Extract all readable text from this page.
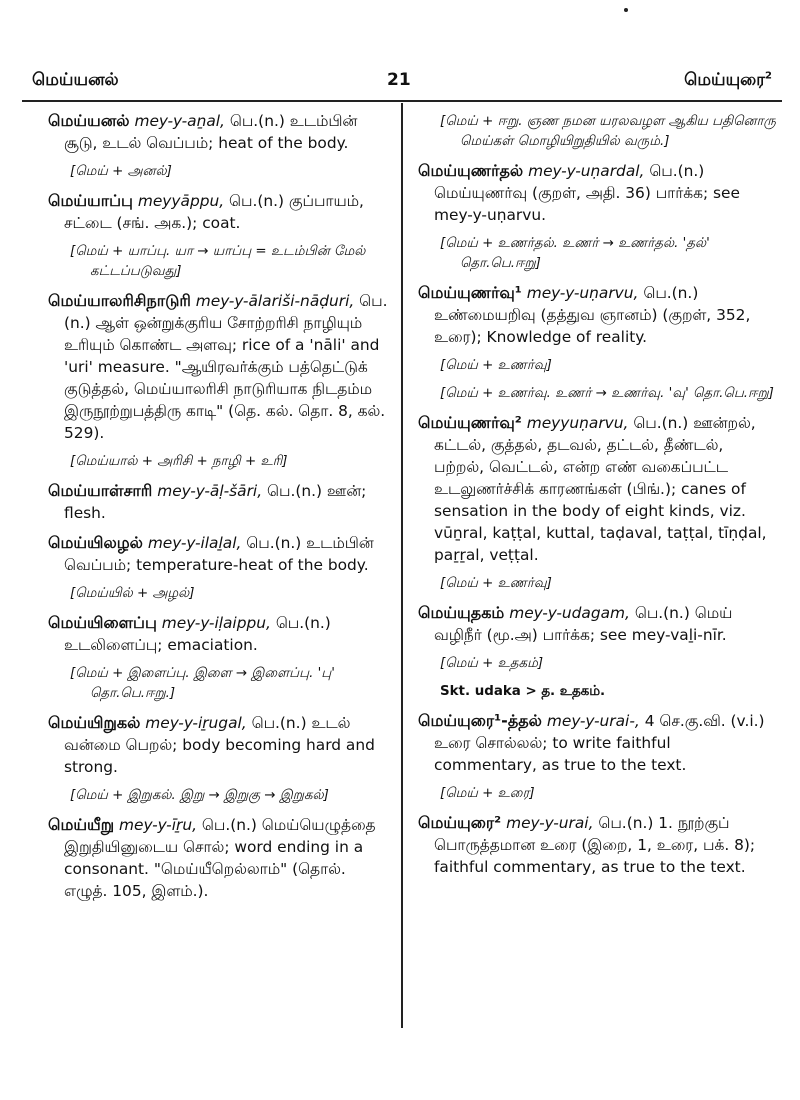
மெய்யனல்	21	மெய்யுரை$^2$
மெய்யனல் mey-y-aṉal, பெ.(n.) உடம்பின் சூடு, உடல் வெப்பம்; heat of the body.
[மெய் + அனல்]
மெய்யாப்பு meyyāppu, பெ.(n.) குப்பாயம், சட்டை (சங். அக.); coat.
[மெய் + யாப்பு. யா → யாப்பு = உடம்பின் மேல் கட்டப்படுவது]
மெய்யாலரிசிநாடுரி mey-y-ālariši-nāḍuri, பெ.(n.) ஆள் ஒன்றுக்குரிய சோற்றரிசி நாழியும் உரியும் கொண்ட அளவு; rice of a 'nāli' and 'uri' measure. "ஆயிரவர்க்கும் பத்தெட்டுக் குடுத்தல், மெய்யாலரிசி நாடுரியாக நிடதம்ம இருநூற்றுபத்திரு காடி" (தெ. கல். தொ. 8, கல். 529).
[மெய்யால் + அரிசி + நாழி + உரி]
மெய்யாள்சாரி mey-y-āḷ-šāri, பெ.(n.) ஊன்; flesh.
மெய்யிலழல் mey-y-ilaḻal, பெ.(n.) உடம்பின் வெப்பம்; temperature-heat of the body.
[மெய்யில் + அழல்]
மெய்யிளைப்பு mey-y-iḷaippu, பெ.(n.) உடலிளைப்பு; emaciation.
[மெய் + இளைப்பு. இளை → இளைப்பு. 'பு' தொ.பெ.ஈறு.]
மெய்யிறுகல் mey-y-iṟugal, பெ.(n.) உடல் வன்மை பெறல்; body becoming hard and strong.
[மெய் + இறுகல். இறு → இறுகு → இறுகல்]
மெய்யீறு mey-y-īṟu, பெ.(n.) மெய்யெழுத்தை இறுதியினுடைய சொல்; word ending in a consonant. "மெய்யீறெல்லாம்" (தொல். எழுத். 105, இளம்.).
[மெய் + ஈறு. ஞண நமன யரலவழள ஆகிய பதினொரு மெய்கள் மொழியிறுதியில் வரும்.]
மெய்யுணர்தல் mey-y-uṇardal, பெ.(n.) மெய்யுணர்வு (குறள், அதி. 36) பார்க்க; see mey-y-uṇarvu.
[மெய் + உணர்தல். உணர் → உணர்தல். 'தல்' தொ.பெ.ஈறு]
மெய்யுணர்வு¹ mey-y-uṇarvu, பெ.(n.) உண்மையறிவு (தத்துவ ஞானம்) (குறள், 352, உரை); Knowledge of reality.
[மெய் + உணர்வு]
[மெய் + உணர்வு. உணர் → உணர்வு. 'வு' தொ.பெ.ஈறு]
மெய்யுணர்வு² meyyuṇarvu, பெ.(n.) ஊன்றல், கட்டல், குத்தல், தடவல், தட்டல், தீண்டல், பற்றல், வெட்டல், என்ற எண் வகைப்பட்ட உடலுணர்ச்சிக் காரணங்கள் (பிங்.); canes of sensation in the body of eight kinds, viz. vūṉral, kaṭṭal, kuttal, taḍaval, taṭṭal, tīṇḍal, paṟṟal, veṭṭal.
[மெய் + உணர்வு]
மெய்யுதகம் mey-y-udagam, பெ.(n.) மெய் வழிநீர் (மூ.அ) பார்க்க; see mey-vaḻi-nīr.
[மெய் + உதகம்]
Skt. udaka > த. உதகம்.
மெய்யுரை¹-த்தல் mey-y-urai-, 4 செ.கு.வி. (v.i.) உரை சொல்லல்; to write faithful commentary, as true to the text.
[மெய் + உரை]
மெய்யுரை² mey-y-urai, பெ.(n.) 1. நூற்குப் பொருத்தமான உரை (இறை, 1, உரை, பக். 8); faithful commentary, as true to the text.
